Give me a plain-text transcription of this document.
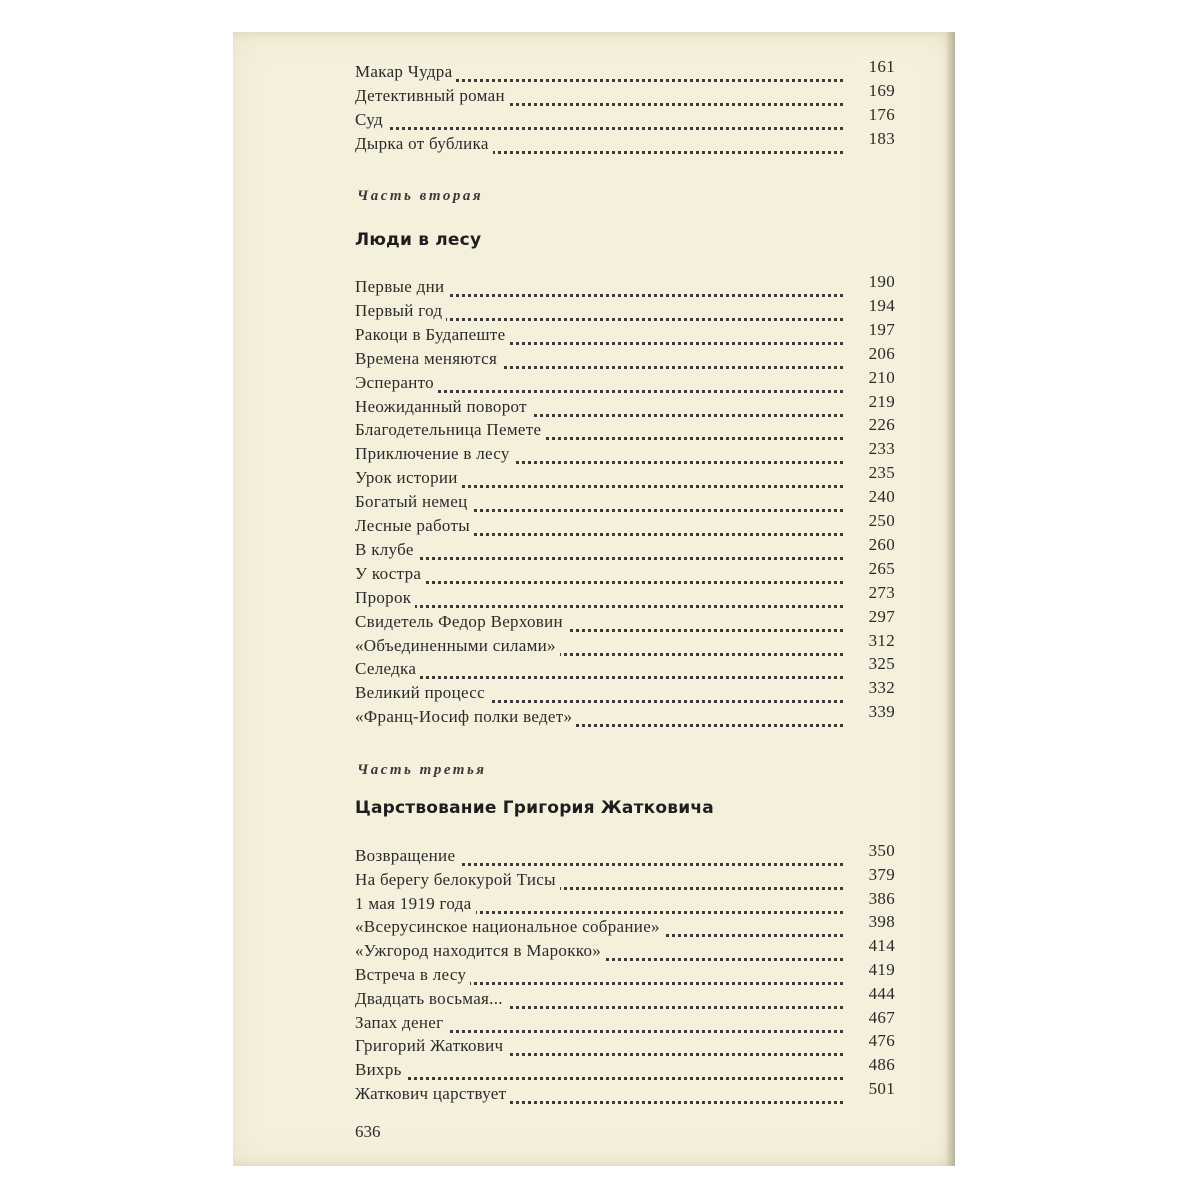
Макар Чудра	161
Детективный роман	169
Суд	176
Дырка от бублика	183
Часть вторая
Люди в лесу
Первые дни	190
Первый год	194
Ракоци в Будапеште	197
Времена меняются	206
Эсперанто	210
Неожиданный поворот	219
Благодетельница Пемете	226
Приключение в лесу	233
Урок истории	235
Богатый немец	240
Лесные работы	250
В клубе	260
У костра	265
Пророк	273
Свидетель Федор Верховин	297
«Объединенными силами»	312
Селедка	325
Великий процесс	332
«Франц-Иосиф полки ведет»	339
Часть третья
Царствование Григория Жатковича
Возвращение	350
На берегу белокурой Тисы	379
1 мая 1919 года	386
«Всерусинское национальное собрание»	398
«Ужгород находится в Марокко»	414
Встреча в лесу	419
Двадцать восьмая...	444
Запах денег	467
Григорий Жаткович	476
Вихрь	486
Жаткович царствует	501
636
